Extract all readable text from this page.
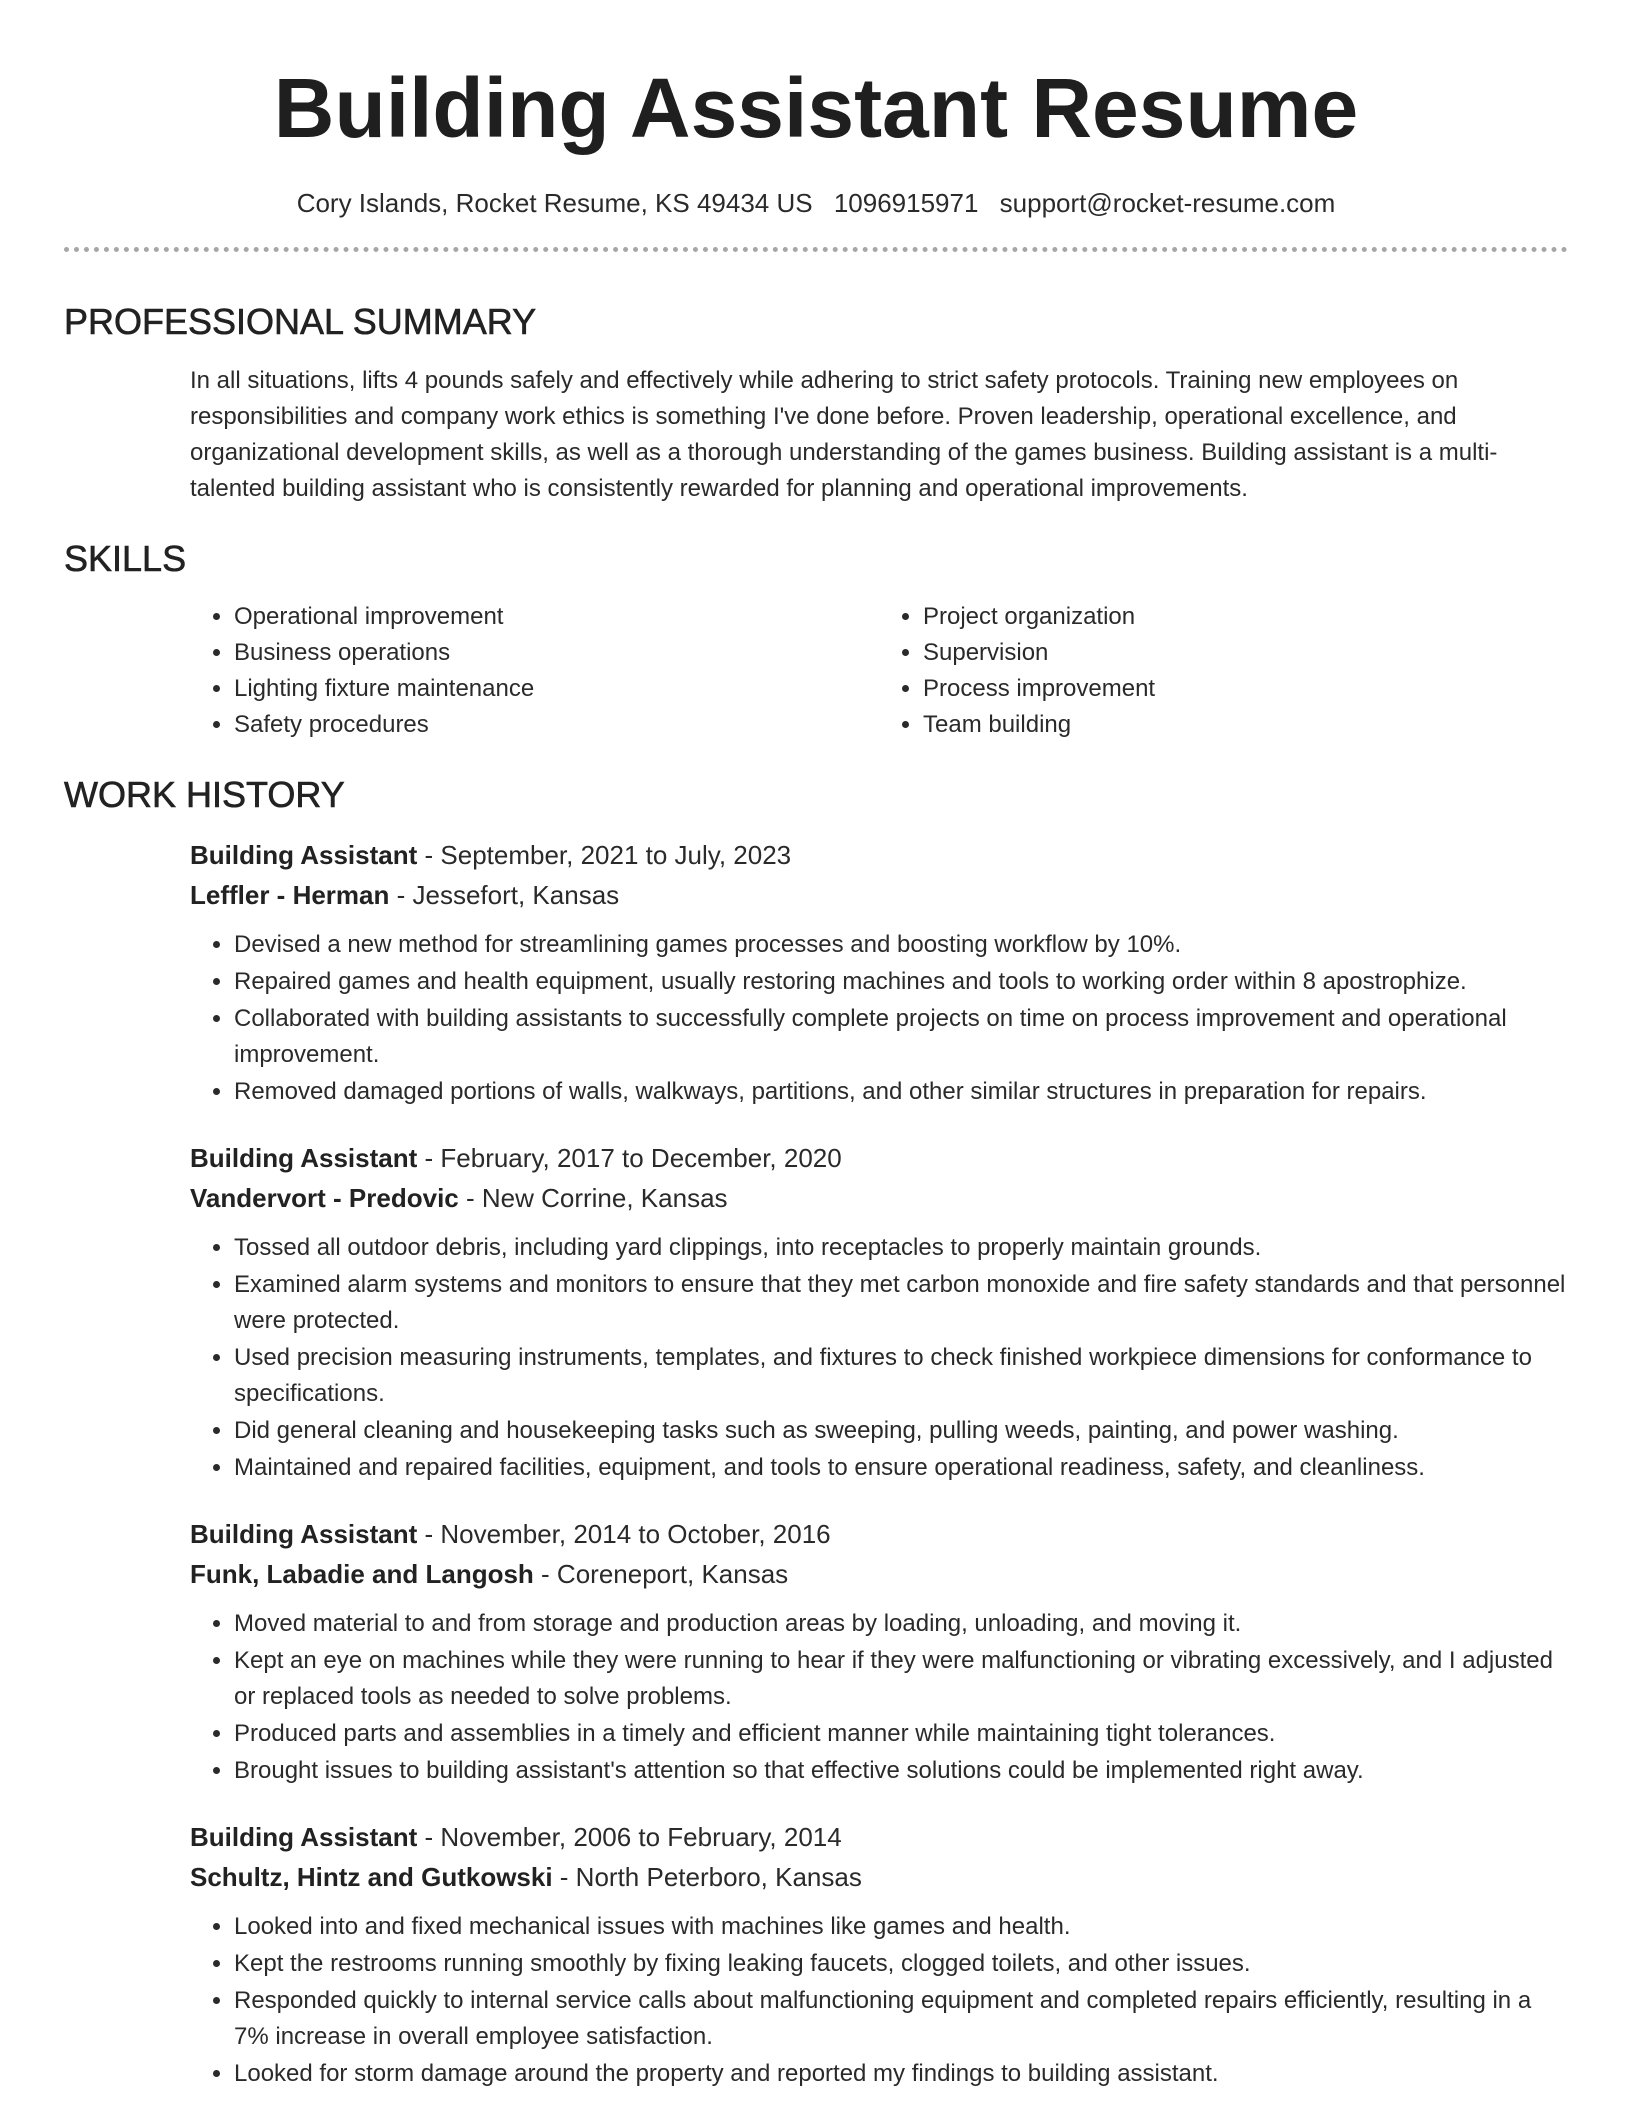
Building Assistant Resume
Cory Islands, Rocket Resume, KS 49434 US 1096915971 support@rocket-resume.com
PROFESSIONAL SUMMARY
In all situations, lifts 4 pounds safely and effectively while adhering to strict safety protocols. Training new employees on responsibilities and company work ethics is something I've done before. Proven leadership, operational excellence, and organizational development skills, as well as a thorough understanding of the games business. Building assistant is a multi-talented building assistant who is consistently rewarded for planning and operational improvements.
SKILLS
• Operational improvement
• Business operations
• Lighting fixture maintenance
• Safety procedures
• Project organization
• Supervision
• Process improvement
• Team building
WORK HISTORY
Building Assistant - September, 2021 to July, 2023
Leffler - Herman - Jessefort, Kansas
• Devised a new method for streamlining games processes and boosting workflow by 10%.
• Repaired games and health equipment, usually restoring machines and tools to working order within 8 apostrophize.
• Collaborated with building assistants to successfully complete projects on time on process improvement and operational improvement.
• Removed damaged portions of walls, walkways, partitions, and other similar structures in preparation for repairs.
Building Assistant - February, 2017 to December, 2020
Vandervort - Predovic - New Corrine, Kansas
• Tossed all outdoor debris, including yard clippings, into receptacles to properly maintain grounds.
• Examined alarm systems and monitors to ensure that they met carbon monoxide and fire safety standards and that personnel were protected.
• Used precision measuring instruments, templates, and fixtures to check finished workpiece dimensions for conformance to specifications.
• Did general cleaning and housekeeping tasks such as sweeping, pulling weeds, painting, and power washing.
• Maintained and repaired facilities, equipment, and tools to ensure operational readiness, safety, and cleanliness.
Building Assistant - November, 2014 to October, 2016
Funk, Labadie and Langosh - Coreneport, Kansas
• Moved material to and from storage and production areas by loading, unloading, and moving it.
• Kept an eye on machines while they were running to hear if they were malfunctioning or vibrating excessively, and I adjusted or replaced tools as needed to solve problems.
• Produced parts and assemblies in a timely and efficient manner while maintaining tight tolerances.
• Brought issues to building assistant's attention so that effective solutions could be implemented right away.
Building Assistant - November, 2006 to February, 2014
Schultz, Hintz and Gutkowski - North Peterboro, Kansas
• Looked into and fixed mechanical issues with machines like games and health.
• Kept the restrooms running smoothly by fixing leaking faucets, clogged toilets, and other issues.
• Responded quickly to internal service calls about malfunctioning equipment and completed repairs efficiently, resulting in a 7% increase in overall employee satisfaction.
• Looked for storm damage around the property and reported my findings to building assistant.
